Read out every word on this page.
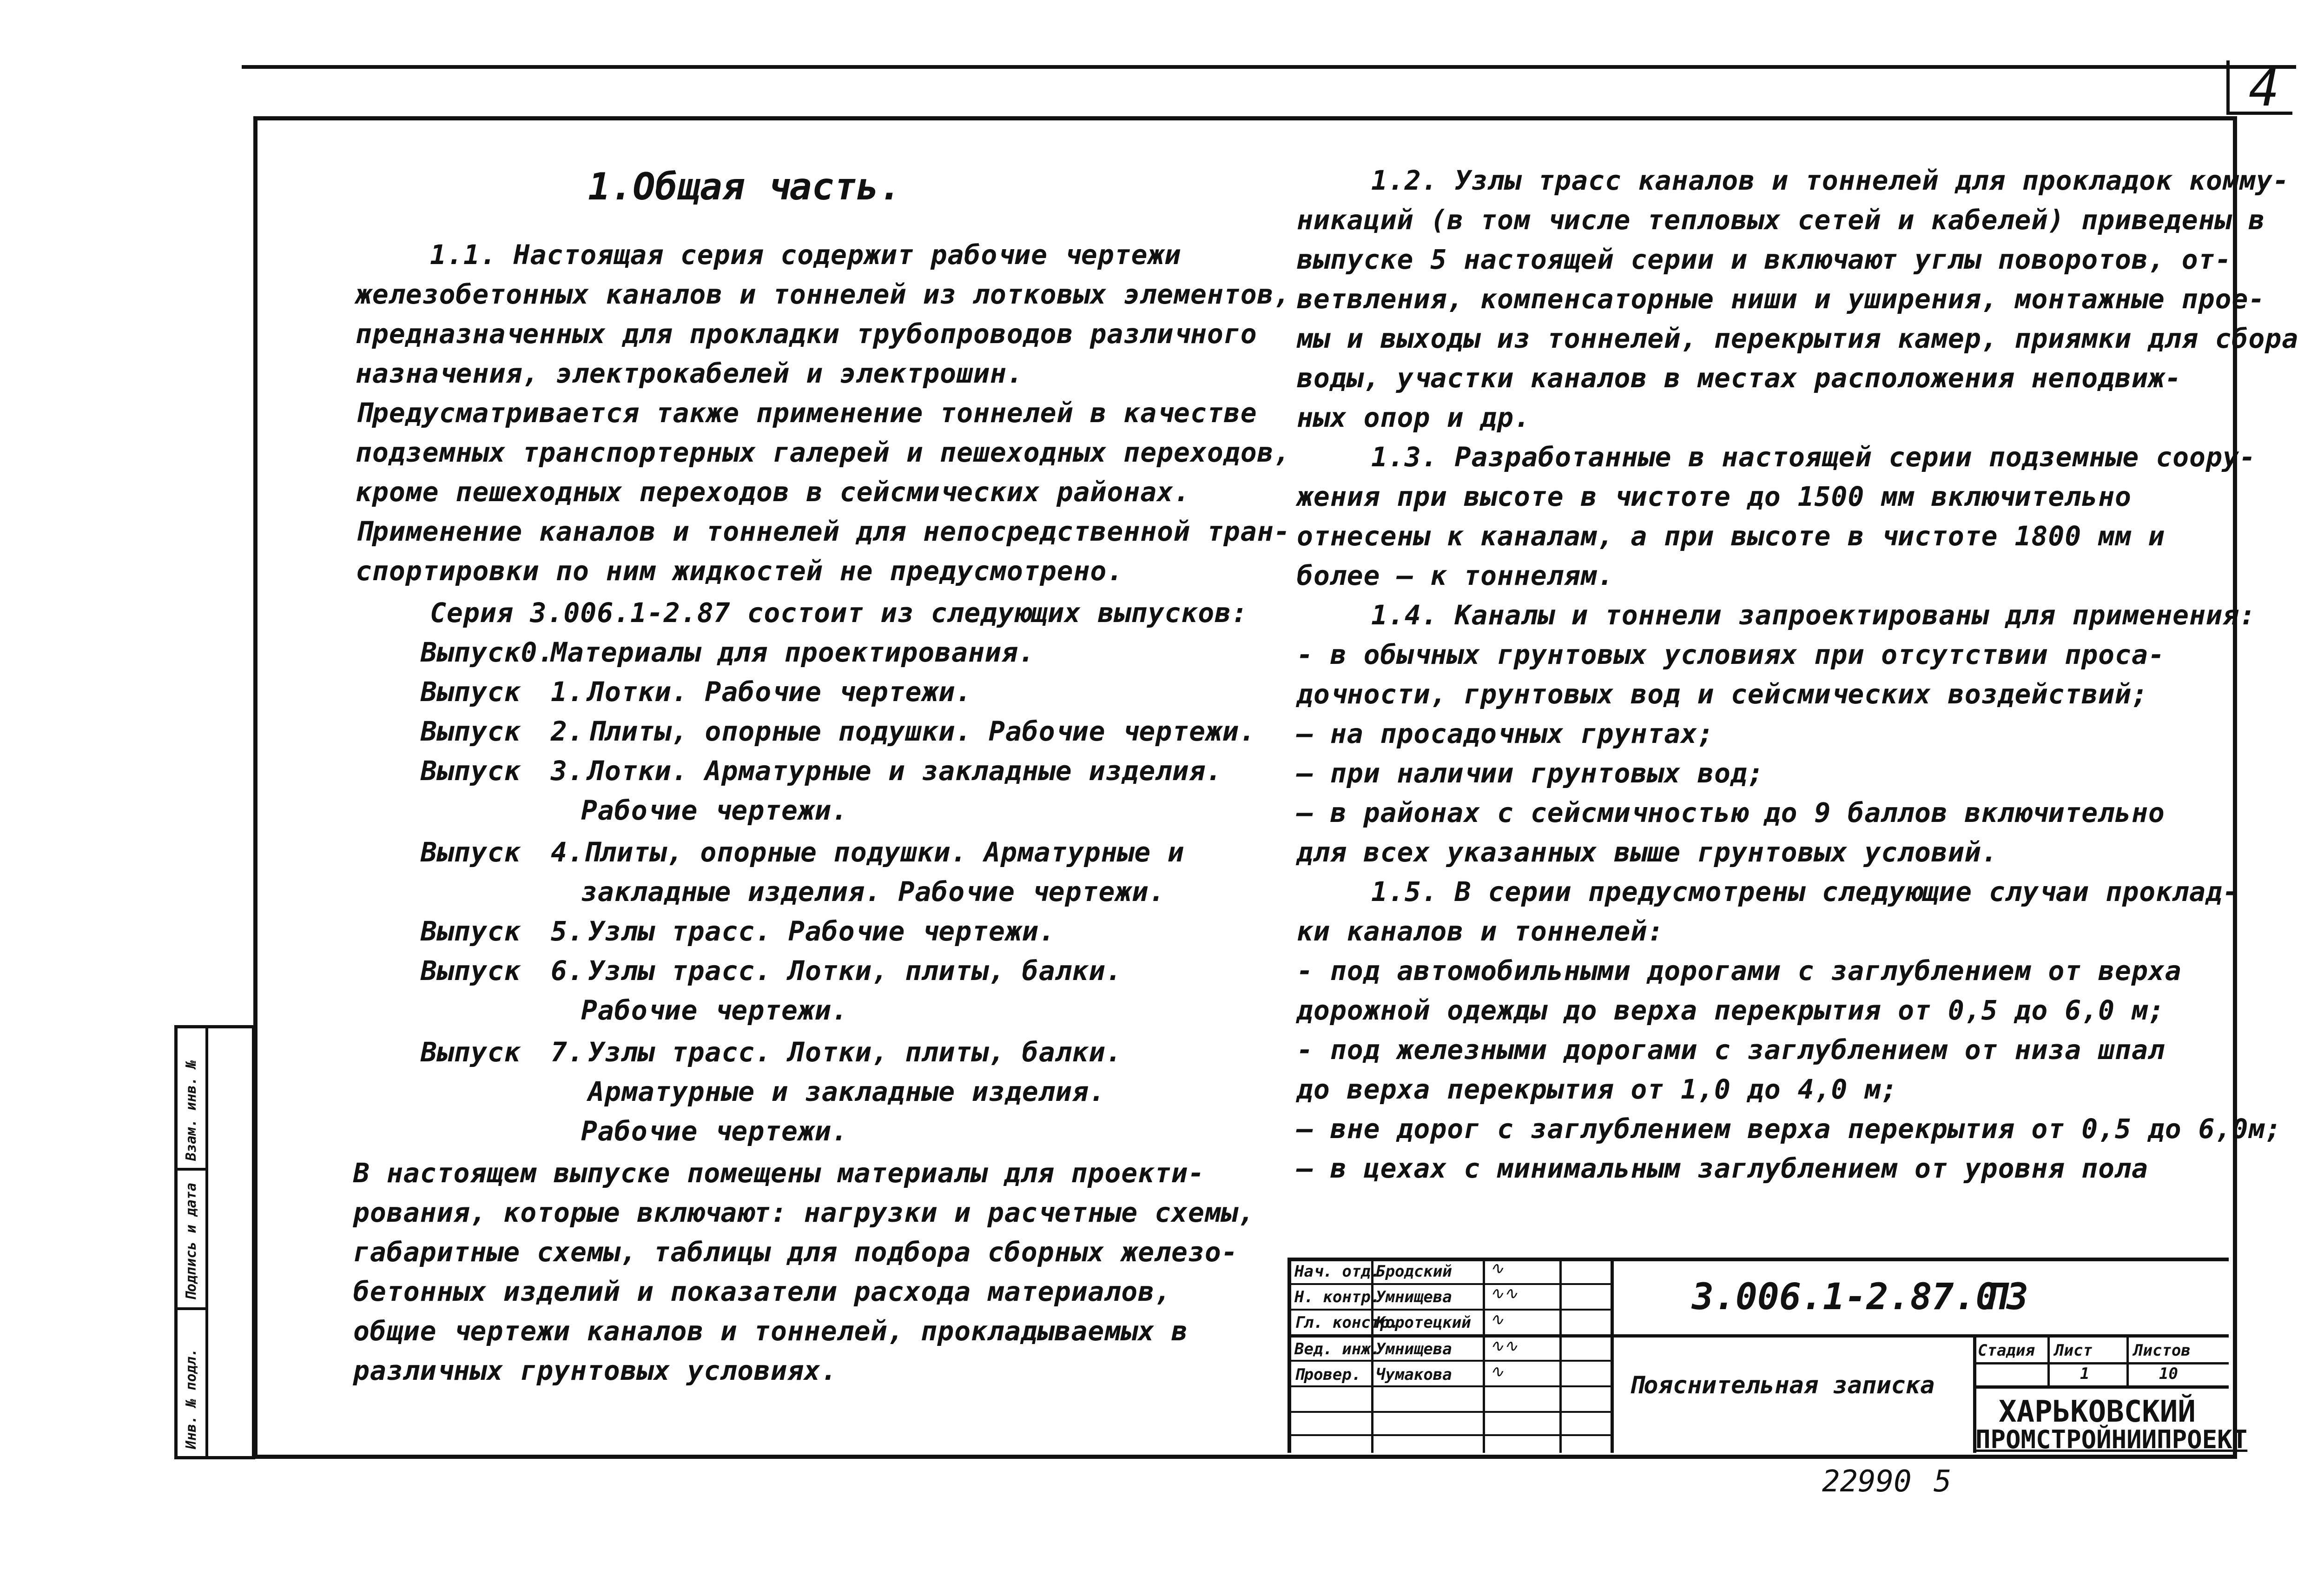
4
Инв. № подл.
Подпись и дата
Взам. инв. №
1.Общая часть.
1.1. Настоящая серия содержит рабочие чертежи
железобетонных каналов и тоннелей из лотковых элементов,
предназначенных для прокладки трубопроводов различного
назначения, электрокабелей и электрошин.
Предусматривается также применение тоннелей в качестве
подземных транспортерных галерей и пешеходных переходов,
кроме пешеходных переходов в сейсмических районах.
Применение каналов и тоннелей для непосредственной тран-
спортировки по ним жидкостей не предусмотрено.
Серия 3.006.1-2.87 состоит из следующих выпусков:
Выпуск0.
Материалы для проектирования.
Выпуск 1. Лотки. Рабочие чертежи.
Выпуск 2. Плиты, опорные подушки. Рабочие чертежи.
Выпуск 3. Лотки. Арматурные и закладные изделия.
Рабочие чертежи.
Выпуск 4.
Плиты, опорные подушки. Арматурные и
закладные изделия. Рабочие чертежи.
Выпуск 5. Узлы трасс. Рабочие чертежи.
Выпуск 6. Узлы трасс. Лотки, плиты, балки.
Рабочие чертежи.
Выпуск 7. Узлы трасс. Лотки, плиты, балки.
Арматурные и закладные изделия.
Рабочие чертежи.
В настоящем выпуске помещены материалы для проекти-
рования, которые включают: нагрузки и расчетные схемы,
габаритные схемы, таблицы для подбора сборных железо-
бетонных изделий и показатели расхода материалов,
общие чертежи каналов и тоннелей, прокладываемых в
различных грунтовых условиях.
1.2. Узлы трасс каналов и тоннелей для прокладок комму-
никаций (в том числе тепловых сетей и кабелей) приведены в
выпуске 5 настоящей серии и включают углы поворотов, от-
ветвления, компенсаторные ниши и уширения, монтажные прое-
мы и выходы из тоннелей, перекрытия камер, приямки для сбора
воды, участки каналов в местах расположения неподвиж-
ных опор и др.
1.3. Разработанные в настоящей серии подземные соору-
жения при высоте в чистоте до 1500 мм включительно
отнесены к каналам, а при высоте в чистоте 1800 мм и
более — к тоннелям.
1.4. Каналы и тоннели запроектированы для применения:
- в обычных грунтовых условиях при отсутствии проса-
дочности, грунтовых вод и сейсмических воздействий;
— на просадочных грунтах;
— при наличии грунтовых вод;
— в районах с сейсмичностью до 9 баллов включительно
для всех указанных выше грунтовых условий.
1.5. В серии предусмотрены следующие случаи проклад-
ки каналов и тоннелей:
- под автомобильными дорогами с заглублением от верха
дорожной одежды до верха перекрытия от 0,5 до 6,0 м;
- под железными дорогами с заглублением от низа шпал
до верха перекрытия от 1,0 до 4,0 м;
— вне дорог с заглублением верха перекрытия от 0,5 до 6,0м;
— в цехах с минимальным заглублением от уровня пола
Нач. отд.
Бродский ∿
Н. контр.
Умнищева ∿∿
Гл. констр.
Коротецкий ∿
Вед. инж.
Умнищева ∿∿
Провер. Чумакова ∿
3.006.1-2.87.0
ПЗ
Пояснительная записка
Стадия Лист	Листов
1	10
ХАРЬКОВСКИЙ
ПРОМСТРОЙНИИПРОЕКТ
22990 5
